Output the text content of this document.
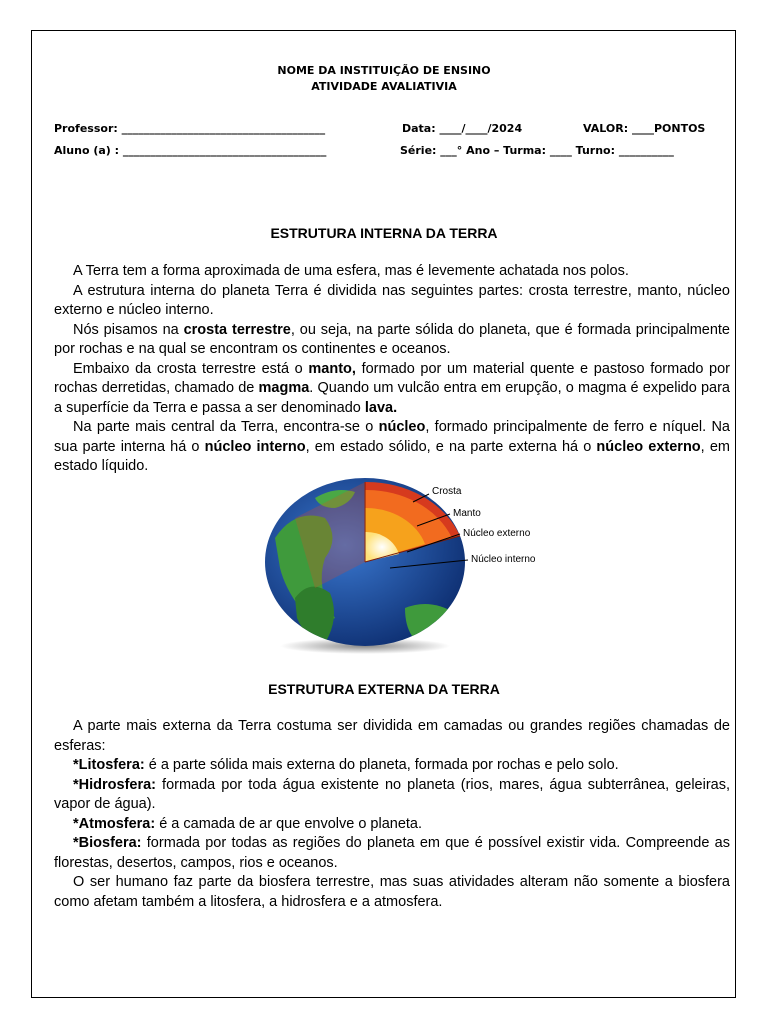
NOME DA INSTITUIÇÃO DE ENSINO
ATIVIDADE AVALIATIVIA
Professor: _____________________________________	Data: ____/____/2024	VALOR: ____PONTOS
Aluno (a) : _____________________________________	Série: ___° Ano – Turma: ____ Turno: __________
ESTRUTURA INTERNA DA TERRA

A Terra tem a forma aproximada de uma esfera, mas é levemente achatada nos polos.

A estrutura interna do planeta Terra é dividida nas seguintes partes: crosta terrestre, manto, núcleo externo e núcleo interno.

Nós pisamos na crosta terrestre, ou seja, na parte sólida do planeta, que é formada principalmente por rochas e na qual se encontram os continentes e oceanos.

Embaixo da crosta terrestre está o manto, formado por um material quente e pastoso formado por rochas derretidas, chamado de magma. Quando um vulcão entra em erupção, o magma é expelido para a superfície da Terra e passa a ser denominado lava.

Na parte mais central da Terra, encontra-se o núcleo, formado principalmente de ferro e níquel. Na sua parte interna há o núcleo interno, em estado sólido, e na parte externa há o núcleo externo, em estado líquido.

Crosta
Manto
Núcleo externo
Núcleo interno
ESTRUTURA EXTERNA DA TERRA

A parte mais externa da Terra costuma ser dividida em camadas ou grandes regiões chamadas de esferas:

*Litosfera: é a parte sólida mais externa do planeta, formada por rochas e pelo solo.

*Hidrosfera: formada por toda água existente no planeta (rios, mares, água subterrânea, geleiras, vapor de água).

*Atmosfera: é a camada de ar que envolve o planeta.

*Biosfera: formada por todas as regiões do planeta em que é possível existir vida. Compreende as florestas, desertos, campos, rios e oceanos.

O ser humano faz parte da biosfera terrestre, mas suas atividades alteram não somente a biosfera como afetam também a litosfera, a hidrosfera e a atmosfera.
